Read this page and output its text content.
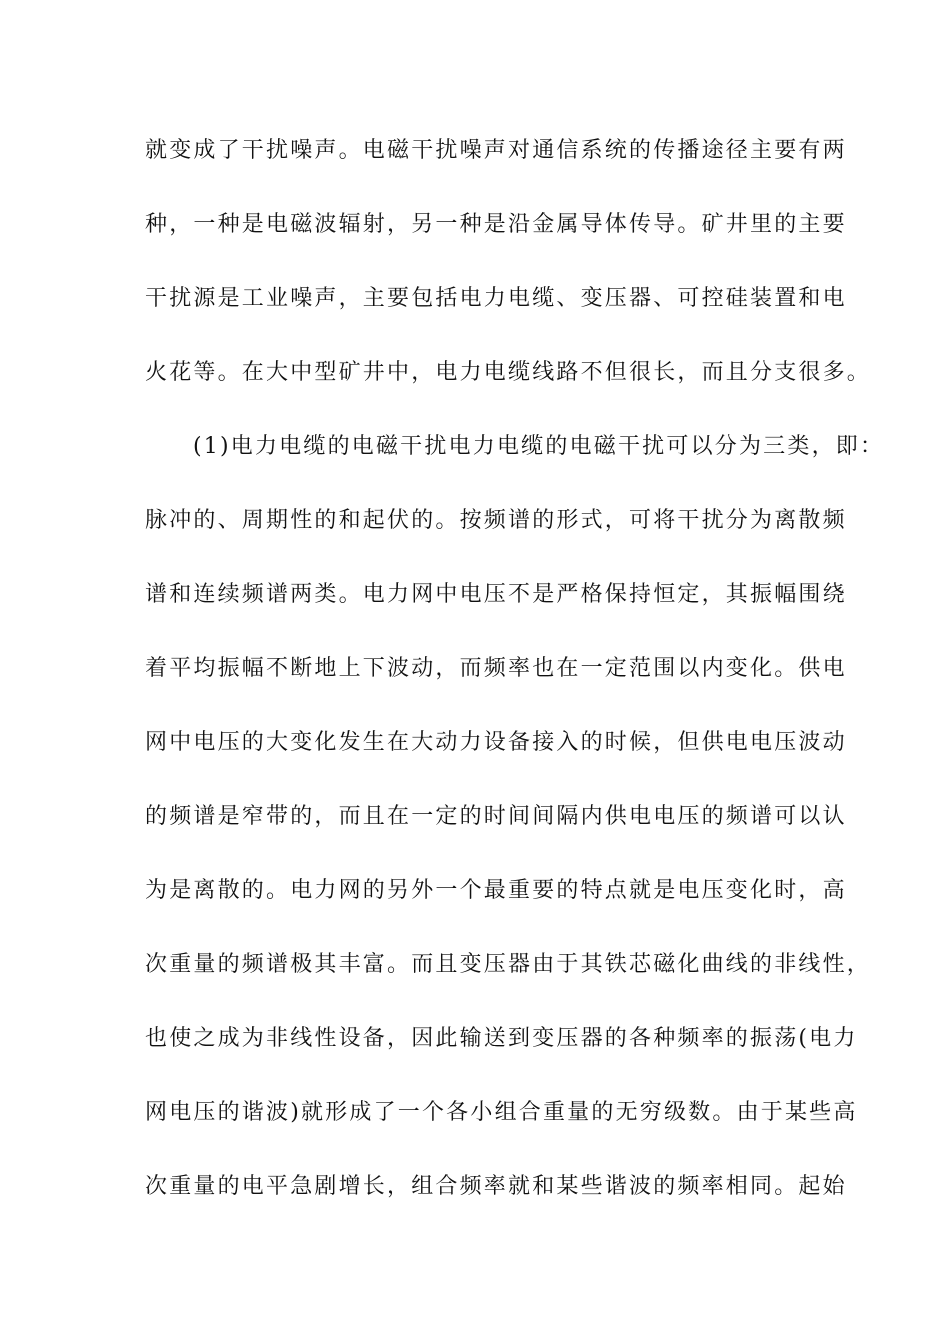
就变成了干扰噪声。电磁干扰噪声对通信系统的传播途径主要有两
种，一种是电磁波辐射，另一种是沿金属导体传导。矿井里的主要
干扰源是工业噪声，主要包括电力电缆、变压器、可控硅装置和电
火花等。在大中型矿井中，电力电缆线路不但很长，而且分支很多。
(1)电力电缆的电磁干扰电力电缆的电磁干扰可以分为三类，即：
脉冲的、周期性的和起伏的。按频谱的形式，可将干扰分为离散频
谱和连续频谱两类。电力网中电压不是严格保持恒定，其振幅围绕
着平均振幅不断地上下波动，而频率也在一定范围以内变化。供电
网中电压的大变化发生在大动力设备接入的时候，但供电电压波动
的频谱是窄带的，而且在一定的时间间隔内供电电压的频谱可以认
为是离散的。电力网的另外一个最重要的特点就是电压变化时，高
次重量的频谱极其丰富。而且变压器由于其铁芯磁化曲线的非线性，
也使之成为非线性设备，因此输送到变压器的各种频率的振荡(电力
网电压的谐波)就形成了一个各小组合重量的无穷级数。由于某些高
次重量的电平急剧增长，组合频率就和某些谐波的频率相同。起始
